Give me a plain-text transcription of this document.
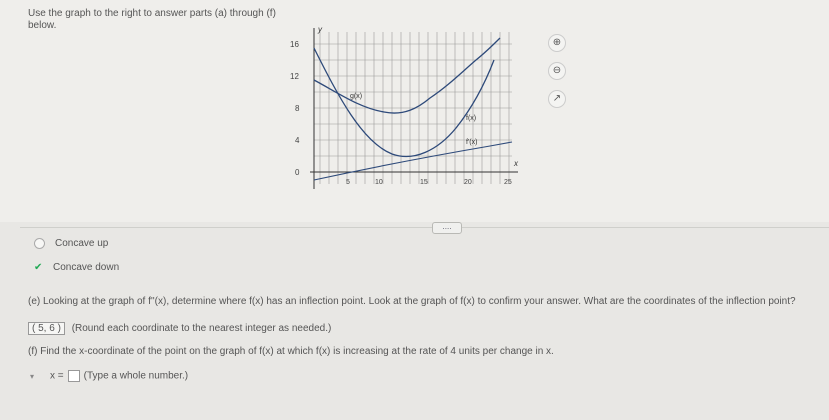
Use the graph to the right to answer parts (a) through (f) below.	y
x
16
12
8
4
0
5	10	15	20	25
g(x)
f(x)
f'(x)
⊕
⊖
↗
....
Concave up
✔ Concave down
(e) Looking at the graph of f''(x), determine where f(x) has an inflection point. Look at the graph of f(x) to confirm your answer. What are the coordinates of the inflection point?
( 5, 6 ) (Round each coordinate to the nearest integer as needed.)
(f) Find the x-coordinate of the point on the graph of f(x) at which f(x) is increasing at the rate of 4 units per change in x.
x = (Type a whole number.)
▾
